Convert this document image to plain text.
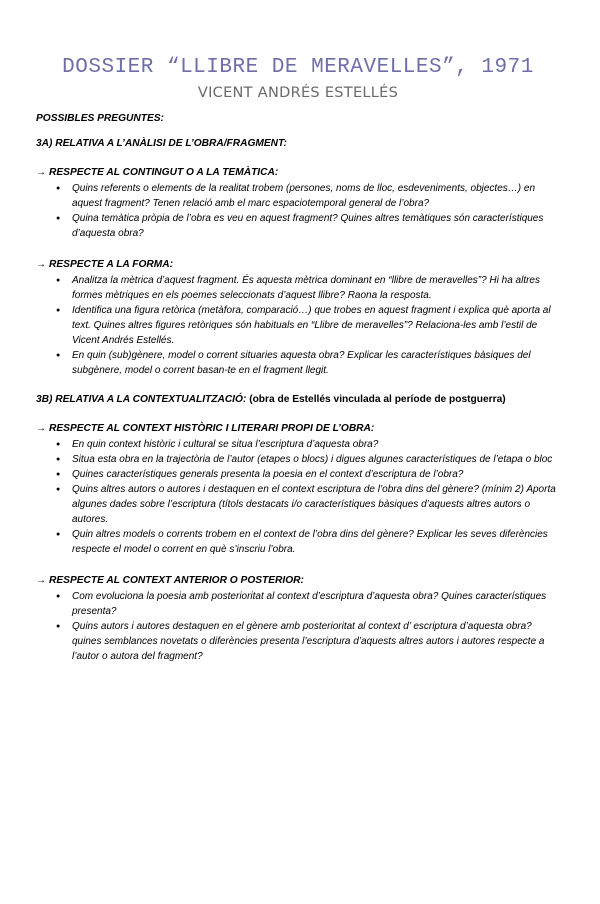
DOSSIER “LLIBRE DE MERAVELLES”, 1971
VICENT ANDRÉS ESTELLÉS

POSSIBLES PREGUNTES:

3A) RELATIVA A L’ANÀLISI DE L’OBRA/FRAGMENT:

→ RESPECTE AL CONTINGUT O A LA TEMÀTICA:

● Quins referents o elements de la realitat trobem (persones, noms de lloc, esdeveniments, objectes…) en aquest fragment? Tenen relació amb el marc espaciotemporal general de l’obra?
● Quina temàtica pròpia de l’obra es veu en aquest fragment? Quines altres temàtiques són característiques d’aquesta obra?

→ RESPECTE A LA FORMA:

● Analitza la mètrica d’aquest fragment. És aquesta mètrica dominant en “llibre de meravelles”? Hi ha altres formes mètriques en els poemes seleccionats d’aquest llibre? Raona la resposta.
● Identifica una figura retòrica (metàfora, comparació…) que trobes en aquest fragment i explica què aporta al text. Quines altres figures retòriques són habituals en “Llibre de meravelles”? Relaciona-les amb l’estil de Vicent Andrés Estellés.
● En quin (sub)gènere, model o corrent situaries aquesta obra? Explicar les característiques bàsiques del subgènere, model o corrent basan-te en el fragment llegit.

3B) RELATIVA A LA CONTEXTUALITZACIÓ: (obra de Estellés vinculada al període de postguerra)

→ RESPECTE AL CONTEXT HISTÒRIC I LITERARI PROPI DE L’OBRA:

● En quin context històric i cultural se situa l’escriptura d’aquesta obra?
● Situa esta obra en la trajectòria de l’autor (etapes o blocs) i digues algunes característiques de l’etapa o bloc
● Quines característiques generals presenta la poesia en el context d’escriptura de l’obra?
● Quins altres autors o autores i destaquen en el context escriptura de l’obra dins del gènere? (mínim 2) Aporta algunes dades sobre l’escriptura (títols destacats i/o característiques bàsiques d’aquests altres autors o autores.
● Quin altres models o corrents trobem en el context de l’obra dins del gènere? Explicar les seves diferències respecte el model o corrent en què s’inscriu l’obra.

→ RESPECTE AL CONTEXT ANTERIOR O POSTERIOR:

● Com evoluciona la poesia amb posterioritat al context d’escriptura d’aquesta obra? Quines característiques presenta?
● Quins autors i autores destaquen en el gènere amb posterioritat al context d’ escriptura d’aquesta obra? quines semblances novetats o diferències presenta l’escriptura d’aquests altres autors i autores respecte a l’autor o autora del fragment?
